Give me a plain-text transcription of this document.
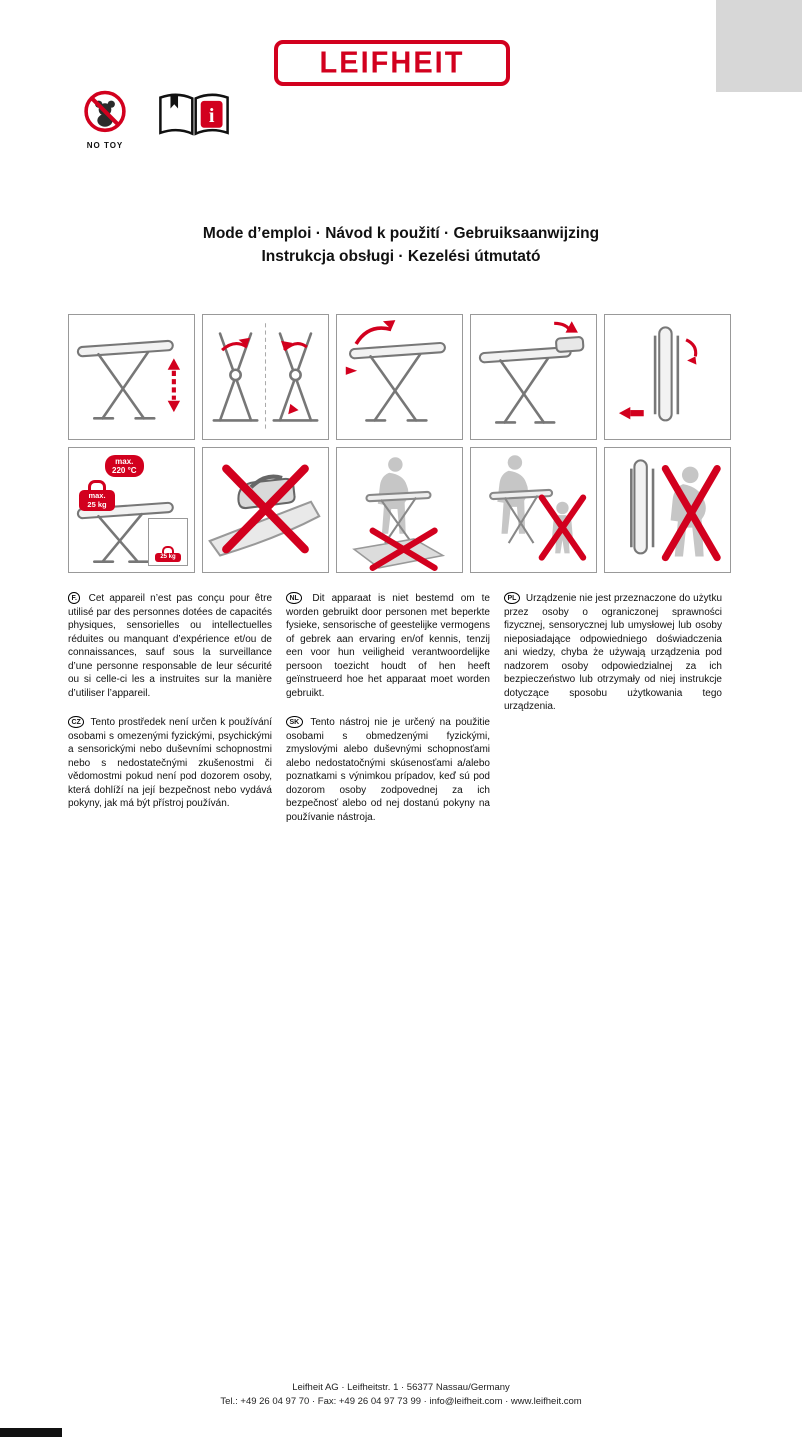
LEIFHEIT
NO TOY
i
Mode d’emploi · Návod k použití · Gebruiksaanwijzing
Instrukcja obsługi · Kezelési útmutató
max.
220 °C
max.
25 kg
25 kg

F. Cet appareil n’est pas conçu pour être utilisé par des personnes dotées de capacités physiques, sensorielles ou intellectuelles réduites ou manquant d’expérience et/ou de connaissances, sauf sous la surveillance d’une personne responsable de leur sécurité ou si celle-ci les a instruites sur la manière d’utiliser l’appareil.

CZ Tento prostředek není určen k používání osobami s omezenými fyzickými, psychickými a sensorickými nebo duševními schopnostmi nebo s nedostatečnými zkušenostmi či vědomostmi pokud není pod dozorem osoby, která dohlíží na její bezpečnost nebo vydává pokyny, jak má být přístroj používán.

NL Dit apparaat is niet bestemd om te worden gebruikt door personen met beperkte fysieke, sensorische of geestelijke vermogens of gebrek aan ervaring en/of kennis, tenzij een voor hun veiligheid verantwoordelijke persoon toezicht houdt of hen heeft geïnstrueerd hoe het apparaat moet worden gebruikt.

SK Tento nástroj nie je určený na použitie osobami s obmedzenými fyzickými, zmyslovými alebo duševnými schopnosťami alebo nedostatočnými skúsenosťami a/alebo poznatkami s výnimkou prípadov, keď sú pod dozorom osoby zodpovednej za ich bezpečnosť alebo od nej dostanú pokyny na používanie nástroja.

PL Urządzenie nie jest przeznaczone do użytku przez osoby o ograniczonej sprawności fizycznej, sensorycznej lub umysłowej lub osoby nieposiadające odpowiedniego doświadczenia ani wiedzy, chyba że używają urządzenia pod nadzorem osoby odpowiedzialnej za ich bezpieczeństwo lub otrzymały od niej instrukcje dotyczące sposobu użytkowania tego urządzenia.

Leifheit AG · Leifheitstr. 1 · 56377 Nassau/Germany
Tel.: +49 26 04 97 70 · Fax: +49 26 04 97 73 99 · info@leifheit.com · www.leifheit.com
